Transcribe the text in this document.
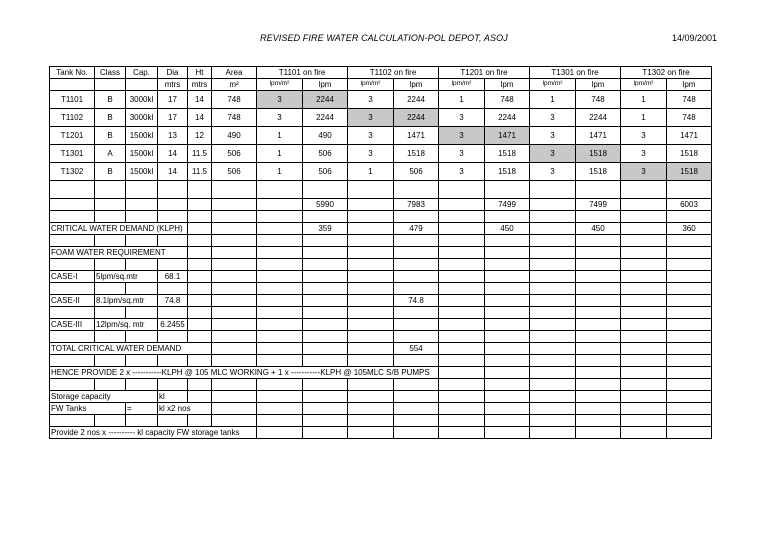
REVISED FIRE WATER CALCULATION-POL DEPOT, ASOJ	14/09/2001
Tank No.	Class	Cap.	Dia	Ht	Area	T1101 on fire		T1102 on fire		T1201 on fire		T1301 on fire		T1302 on fire	
			mtrs	mtrs	m²	lpm/m²	lpm	lpm/m²	lpm	lpm/m²	lpm	lpm/m²	lpm	lpm/m²	lpm
T1101	B	3000kl	17	14	748	3	2244	3	2244	1	748	1	748	1	748
T1102	B	3000kl	17	14	748	3	2244	3	2244	3	2244	3	2244	1	748
T1201	B	1500kl	13	12	490	1	490	3	1471	3	1471	3	1471	3	1471
T1301	A	1500kl	14	11.5	506	1	506	3	1518	3	1518	3	1518	3	1518
T1302	B	1500kl	14	11.5	506	1	506	1	506	3	1518	3	1518	3	1518

							5990		7983		7499		7499		6003

CRITICAL WATER DEMAND (KLPH)							359		479		450		450		360

FOAM WATER REQUIREMENT															

CASE-I	5lpm/sq.mtr		68.1												

CASE-II	8.1lpm/sq.mtr		74.8						74.8						

CASE-III	12lpm/sq. mtr		6.2455												

TOTAL CRITICAL WATER DEMAND									554						

HENCE PROVIDE 2 x -----------KLPH @ 105 MLC WORKING + 1 x -----------KLPH @ 105MLC S/B PUMPS															

Storage capacity			kl												
FW Tanks		=	kl x2 nos												

Provide 2 nos x ---------- kl capacity FW storage tanks															
